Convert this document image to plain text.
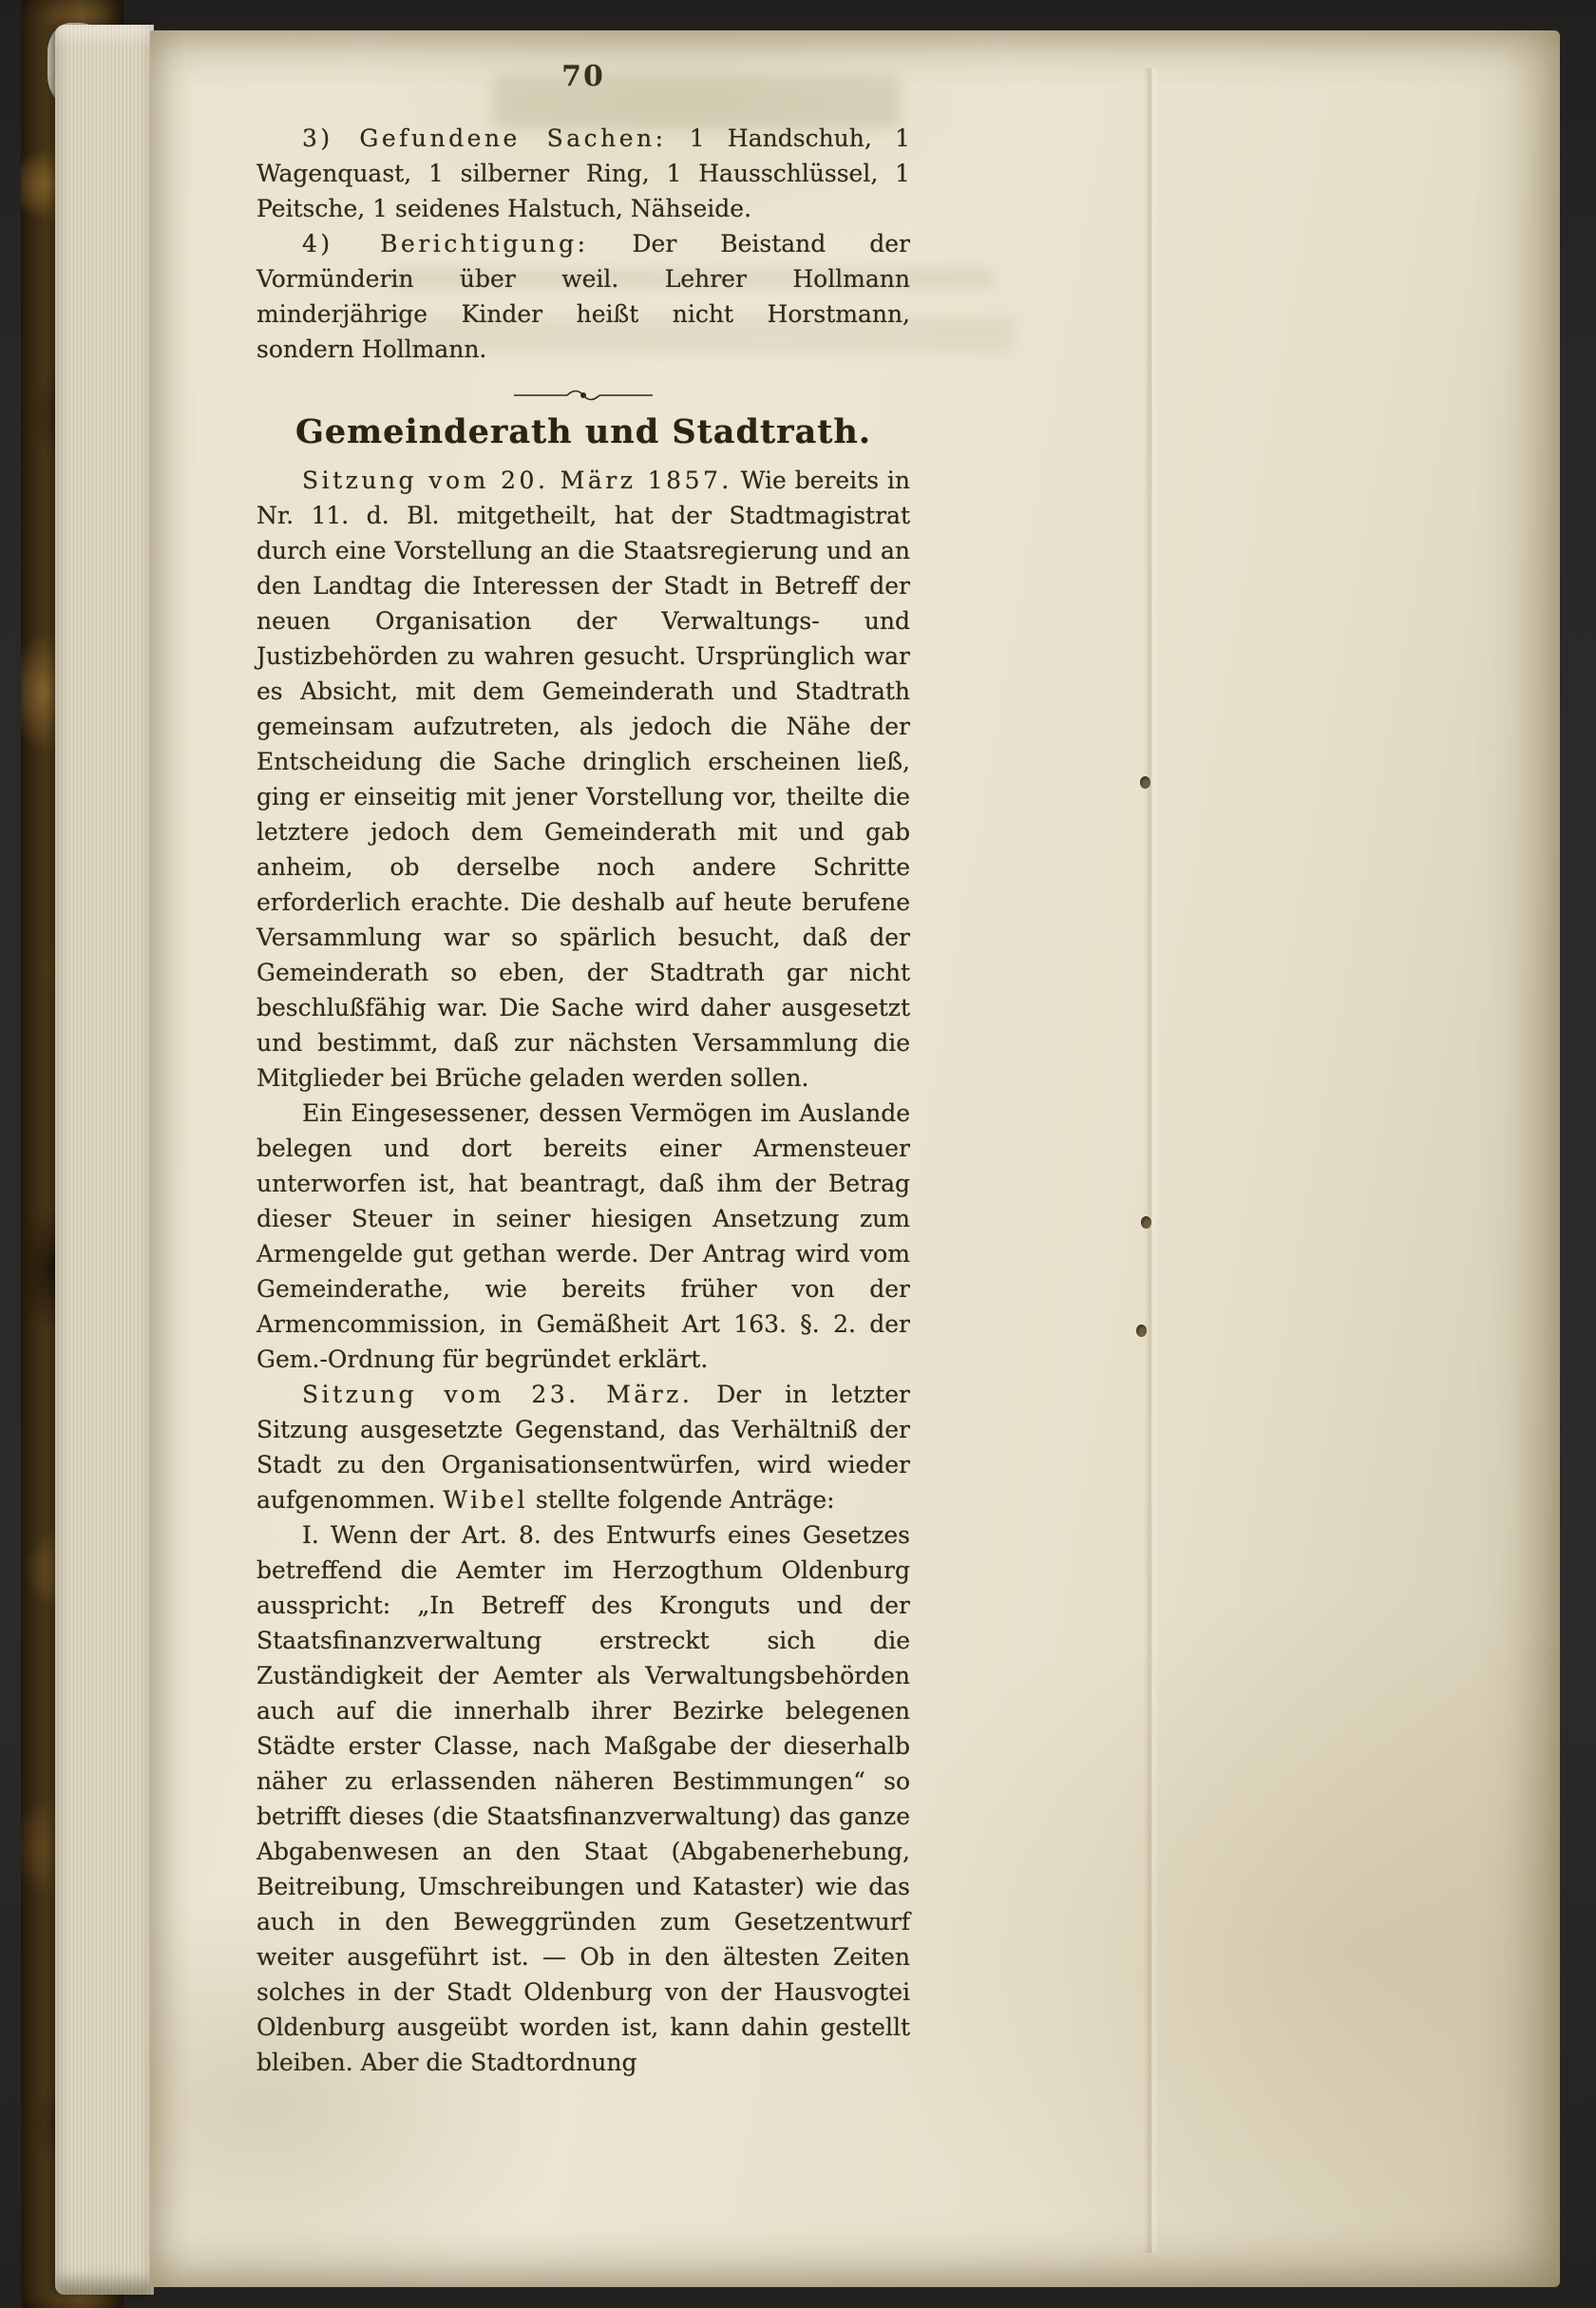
70

3) Gefundene Sachen: 1 Handschuh, 1 Wagenquast, 1 silberner Ring, 1 Hausschlüssel, 1 Peitsche, 1 seidenes Halstuch, Nähseide.

4) Berichtigung: Der Beistand der Vormünderin über weil. Lehrer Hollmann minderjährige Kinder heißt nicht Horstmann, sondern Hollmann.

Gemeinderath und Stadtrath.

Sitzung vom 20. März 1857. Wie bereits in Nr. 11. d. Bl. mitgetheilt, hat der Stadtmagistrat durch eine Vorstellung an die Staatsregierung und an den Landtag die Interessen der Stadt in Betreff der neuen Organisation der Verwaltungs- und Justizbehörden zu wahren gesucht. Ursprünglich war es Absicht, mit dem Gemeinderath und Stadtrath gemeinsam aufzutreten, als jedoch die Nähe der Entscheidung die Sache dringlich erscheinen ließ, ging er einseitig mit jener Vorstellung vor, theilte die letztere jedoch dem Gemeinderath mit und gab anheim, ob derselbe noch andere Schritte erforderlich erachte. Die deshalb auf heute berufene Versammlung war so spärlich besucht, daß der Gemeinderath so eben, der Stadtrath gar nicht beschlußfähig war. Die Sache wird daher ausgesetzt und bestimmt, daß zur nächsten Versammlung die Mitglieder bei Brüche geladen werden sollen.

Ein Eingesessener, dessen Vermögen im Auslande belegen und dort bereits einer Armensteuer unterworfen ist, hat beantragt, daß ihm der Betrag dieser Steuer in seiner hiesigen Ansetzung zum Armengelde gut gethan werde. Der Antrag wird vom Gemeinderathe, wie bereits früher von der Armencommission, in Gemäßheit Art 163. §. 2. der Gem.-Ordnung für begründet erklärt.

Sitzung vom 23. März. Der in letzter Sitzung ausgesetzte Gegenstand, das Verhältniß der Stadt zu den Organisationsentwürfen, wird wieder aufgenommen. Wibel stellte folgende Anträge:

I. Wenn der Art. 8. des Entwurfs eines Gesetzes betreffend die Aemter im Herzogthum Oldenburg ausspricht: „In Betreff des Kronguts und der Staatsfinanzverwaltung erstreckt sich die Zuständigkeit der Aemter als Verwaltungsbehörden auch auf die innerhalb ihrer Bezirke belegenen Städte erster Classe, nach Maßgabe der dieserhalb näher zu erlassenden näheren Bestimmungen“ so betrifft dieses (die Staatsfinanzverwaltung) das ganze Abgabenwesen an den Staat (Abgabenerhebung, Beitreibung, Umschreibungen und Kataster) wie das auch in den Beweggründen zum Gesetzentwurf weiter ausgeführt ist. — Ob in den ältesten Zeiten solches in der Stadt Oldenburg von der Hausvogtei Oldenburg ausgeübt worden ist, kann dahin gestellt bleiben. Aber die Stadtordnung
